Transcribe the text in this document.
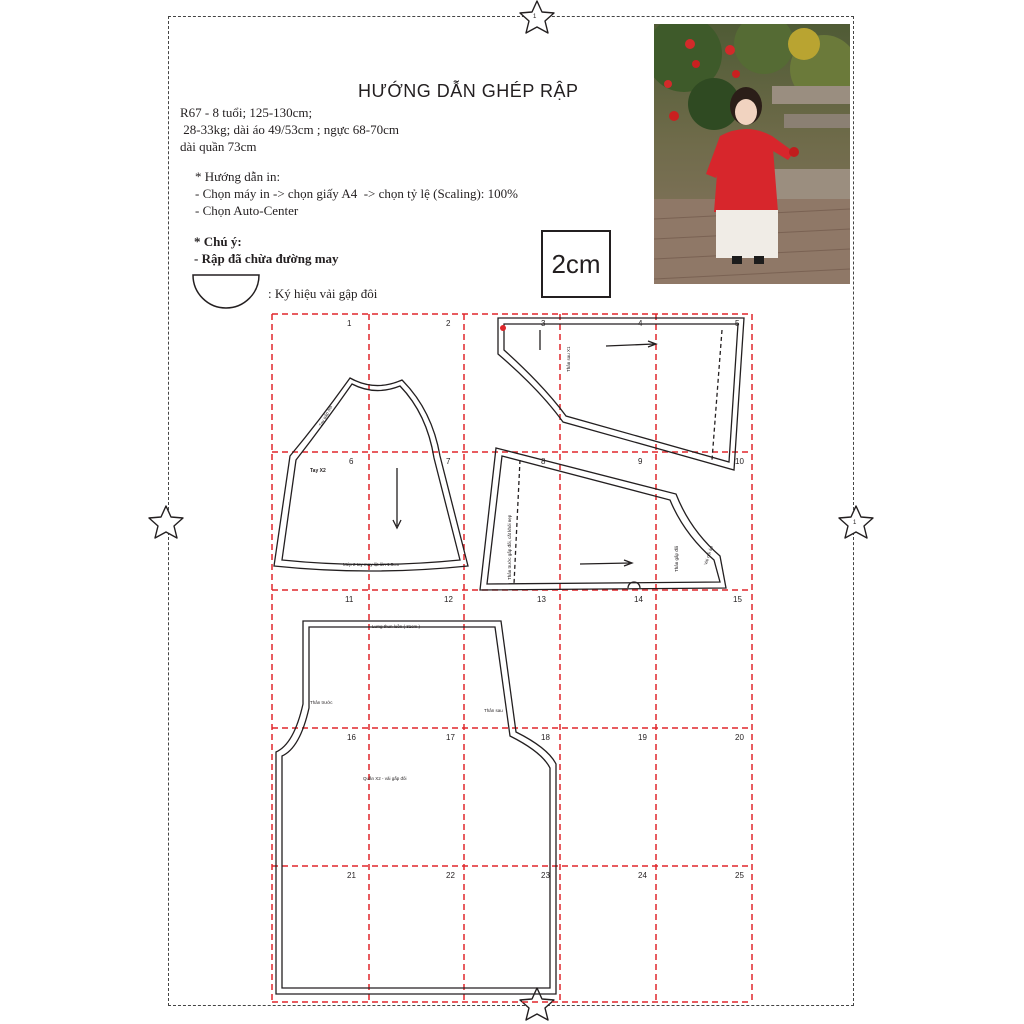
1
1
HƯỚNG DẪN GHÉP RẬP
R67 - 8 tuổi; 125-130cm;
28-33kg; dài áo 49/53cm ; ngực 68-70cm
dài quần 73cm
* Hướng dẫn in:
- Chọn máy in -> chọn giấy A4  -> chọn tỷ lệ (Scaling): 100%
- Chọn Auto-Center
* Chú ý:
- Rập đã chừa đường may
: Ký hiệu vải gập đôi
2cm
1	2	3	4	5
6	7	8	9	10
11	12	13	14	15
16	17	18	19	20
21	22	23	24	25
Tay X2
Tay gấp đôi
Mép 2 tay may lật lên 1.5cm
Thân sau X1
Thân trước gấp đôi, cắt khỏi nẹp	Thân gấp đôi	Vai nối áo
Lưng thun luồn ( 31cm )
Thân trước
Thân sau
Quần X2 - vải gấp đôi
